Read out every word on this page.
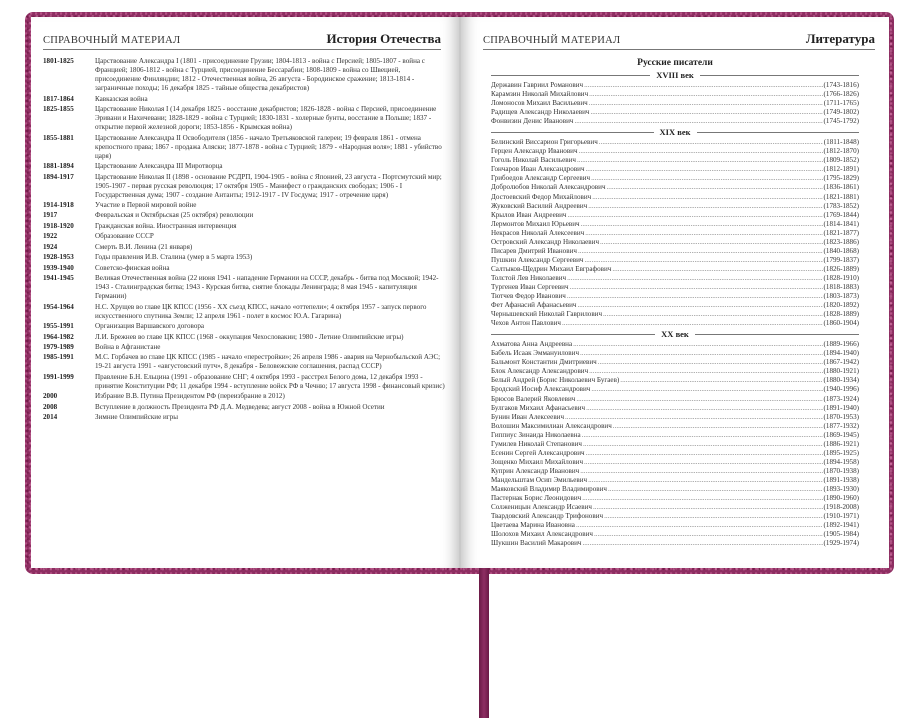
СПРАВОЧНЫЙ МАТЕРИАЛ	История Отечества
1801-1825	Царствование Александра I (1801 - присоединение Грузии; 1804-1813 - война с Персией; 1805-1807 - война с Францией; 1806-1812 - война с Турцией, присоединение Бессарабии; 1808-1809 - война со Швецией, присоединение Финляндии; 1812 - Отечественная война, 26 августа - Бородинское сражение; 1813-1814 - заграничные походы; 16 декабря 1825 - тайные общества декабристов)
1817-1864	Кавказская война
1825-1855	Царствование Николая I (14 декабря 1825 - восстание декабристов; 1826-1828 - война с Персией, присоединение Эривани и Нахичевани; 1828-1829 - война с Турцией; 1830-1831 - холерные бунты, восстание в Польше; 1837 - открытие первой железной дороги; 1853-1856 - Крымская война)
1855-1881	Царствование Александра II Освободителя (1856 - начало Третьяковской галереи; 19 февраля 1861 - отмена крепостного права; 1867 - продажа Аляски; 1877-1878 - война с Турцией; 1879 - «Народная воля»; 1881 - убийство царя)
1881-1894	Царствование Александра III Миротворца
1894-1917	Царствование Николая II (1898 - основание РСДРП, 1904-1905 - война с Японией, 23 августа - Портсмутский мир; 1905-1907 - первая русская революция; 17 октября 1905 - Манифест о гражданских свободах; 1906 - I Государственная дума; 1907 - создание Антанты; 1912-1917 - IV Госдума; 1917 - отречение царя)
1914-1918	Участие в Первой мировой войне
1917	Февральская и Октябрьская (25 октября) революции
1918-1920	Гражданская война. Иностранная интервенция
1922	Образование СССР
1924	Смерть В.И. Ленина (21 января)
1928-1953	Годы правления И.В. Сталина (умер в 5 марта 1953)
1939-1940	Советско-финская война
1941-1945	Великая Отечественная война (22 июня 1941 - нападение Германии на СССР, декабрь - битва под Москвой; 1942-1943 - Сталинградская битва; 1943 - Курская битва, снятие блокады Ленинграда; 8 мая 1945 - капитуляция Германии)
1954-1964	Н.С. Хрущев во главе ЦК КПСС (1956 - XX съезд КПСС, начало «оттепели»; 4 октября 1957 - запуск первого искусственного спутника Земли; 12 апреля 1961 - полет в космос Ю.А. Гагарина)
1955-1991	Организация Варшавского договора
1964-1982	Л.И. Брежнев во главе ЦК КПСС (1968 - оккупация Чехословакии; 1980 - Летние Олимпийские игры)
1979-1989	Война в Афганистане
1985-1991	М.С. Горбачев во главе ЦК КПСС (1985 - начало «перестройки»; 26 апреля 1986 - авария на Чернобыльской АЭС; 19-21 августа 1991 - «августовский путч», 8 декабря - Беловежские соглашения, распад СССР)
1991-1999	Правление Б.Н. Ельцина (1991 - образование СНГ; 4 октября 1993 - расстрел Белого дома, 12 декабря 1993 - принятие Конституции РФ; 11 декабря 1994 - вступление войск РФ в Чечню; 17 августа 1998 - финансовый кризис)
2000	Избрание В.В. Путина Президентом РФ (переизбрание в 2012)
2008	Вступление в должность Президента РФ Д.А. Медведева; август 2008 - война в Южной Осетии
2014	Зимние Олимпийские игры
СПРАВОЧНЫЙ МАТЕРИАЛ	Литература
Русские писатели
XVIII век
Державин Гавриил Романович .....	(1743-1816)
Карамзин Николай Михайлович .....	(1766-1826)
Ломоносов Михаил Васильевич .....	(1711-1765)
Радищев Александр Николаевич .....	(1749-1802)
Фонвизин Денис Иванович .....	(1745-1792)
XIX век
Белинский Виссарион Григорьевич .....	(1811-1848)
Герцен Александр Иванович .....	(1812-1870)
Гоголь Николай Васильевич .....	(1809-1852)
Гончаров Иван Александрович .....	(1812-1891)
Грибоедов Александр Сергеевич .....	(1795-1829)
Добролюбов Николай Александрович .....	(1836-1861)
Достоевский Федор Михайлович .....	(1821-1881)
Жуковский Василий Андреевич .....	(1783-1852)
Крылов Иван Андреевич .....	(1769-1844)
Лермонтов Михаил Юрьевич .....	(1814-1841)
Некрасов Николай Алексеевич .....	(1821-1877)
Островский Александр Николаевич .....	(1823-1886)
Писарев Дмитрий Иванович .....	(1840-1868)
Пушкин Александр Сергеевич .....	(1799-1837)
Салтыков-Щедрин Михаил Евграфович .....	(1826-1889)
Толстой Лев Николаевич .....	(1828-1910)
Тургенев Иван Сергеевич .....	(1818-1883)
Тютчев Федор Иванович .....	(1803-1873)
Фет Афанасий Афанасьевич .....	(1820-1892)
Чернышевский Николай Гаврилович .....	(1828-1889)
Чехов Антон Павлович .....	(1860-1904)
XX век
Ахматова Анна Андреевна .....	(1889-1966)
Бабель Исаак Эммануилович .....	(1894-1940)
Бальмонт Константин Дмитриевич .....	(1867-1942)
Блок Александр Александрович .....	(1880-1921)
Белый Андрей (Борис Николаевич Бугаев) .....	(1880-1934)
Бродский Иосиф Александрович .....	(1940-1996)
Брюсов Валерий Яковлевич .....	(1873-1924)
Булгаков Михаил Афанасьевич .....	(1891-1940)
Бунин Иван Алексеевич .....	(1870-1953)
Волошин Максимилиан Александрович .....	(1877-1932)
Гиппиус Зинаида Николаевна .....	(1869-1945)
Гумилев Николай Степанович .....	(1886-1921)
Есенин Сергей Александрович .....	(1895-1925)
Зощенко Михаил Михайлович .....	(1894-1958)
Куприн Александр Иванович .....	(1870-1938)
Мандельштам Осип Эмильевич .....	(1891-1938)
Маяковский Владимир Владимирович .....	(1893-1930)
Пастернак Борис Леонидович .....	(1890-1960)
Солженицын Александр Исаевич .....	(1918-2008)
Твардовский Александр Трифонович .....	(1910-1971)
Цветаева Марина Ивановна .....	(1892-1941)
Шолохов Михаил Александрович .....	(1905-1984)
Шукшин Василий Макарович .....	(1929-1974)
